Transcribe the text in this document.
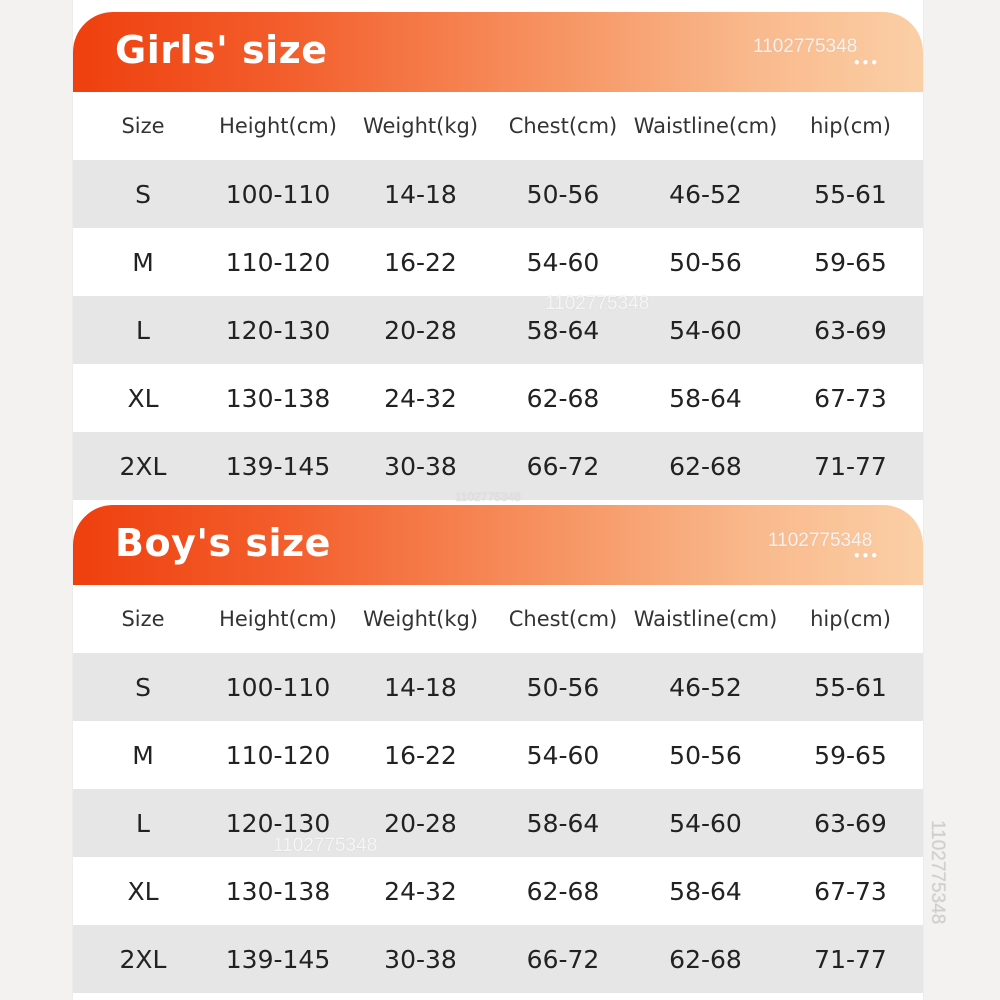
Girls' size	•••
Size	Height(cm)	Weight(kg)	Chest(cm) Waistline(cm)	hip(cm)
S	100-110	14-18	50-56	46-52	55-61
M	110-120	16-22	54-60	50-56	59-65
L	120-130	20-28	58-64	54-60	63-69
XL	130-138	24-32	62-68	58-64	67-73
2XL	139-145	30-38	66-72	62-68	71-77
Boy's size	•••
Size	Height(cm)	Weight(kg)	Chest(cm) Waistline(cm)	hip(cm)
S	100-110	14-18	50-56	46-52	55-61
M	110-120	16-22	54-60	50-56	59-65
L	120-130	20-28	58-64	54-60	63-69
XL	130-138	24-32	62-68	58-64	67-73
2XL	139-145	30-38	66-72	62-68	71-77
1102775348
1102775348
1102775348
1102775348
1102775348	1102775348
